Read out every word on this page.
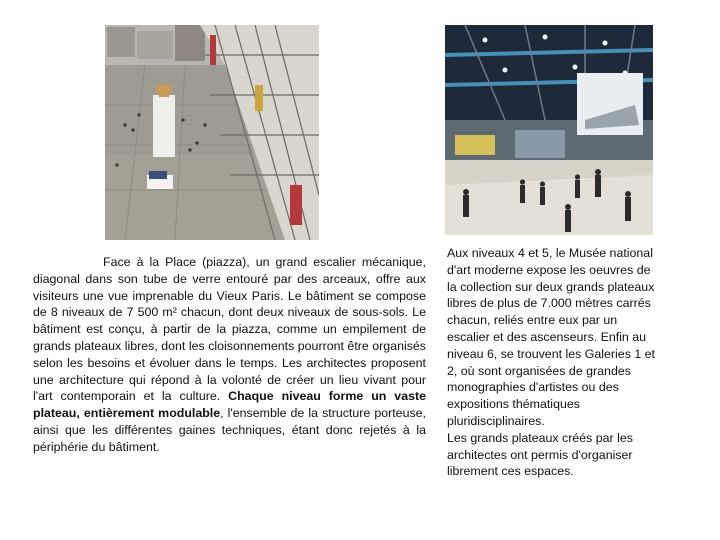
Face à la Place (piazza), un grand escalier mécanique, diagonal dans son tube de verre entouré par des arceaux, offre aux visiteurs une vue imprenable du Vieux Paris. Le bâtiment se compose de 8 niveaux de 7 500 m² chacun, dont deux niveaux de sous-sols. Le bâtiment est conçu, à partir de la piazza, comme un empilement de grands plateaux libres, dont les cloisonnements pourront être organisés selon les besoins et évoluer dans le temps. Les architectes proposent une architecture qui répond à la volonté de créer un lieu vivant pour l'art contemporain et la culture. Chaque niveau forme un vaste plateau, entièrement modulable, l'ensemble de la structure porteuse, ainsi que les différentes gaines techniques, étant donc rejetés à la périphérie du bâtiment.

Aux niveaux 4 et 5, le Musée national d'art moderne expose les oeuvres de la collection sur deux grands plateaux libres de plus de 7.000 mètres carrés chacun, reliés entre eux par un escalier et des ascenseurs. Enfin au niveau 6, se trouvent les Galeries 1 et 2, où sont organisées de grandes monographies d'artistes ou des expositions thématiques pluridisciplinaires.
Les grands plateaux créés par les architectes ont permis d'organiser librement ces espaces.
